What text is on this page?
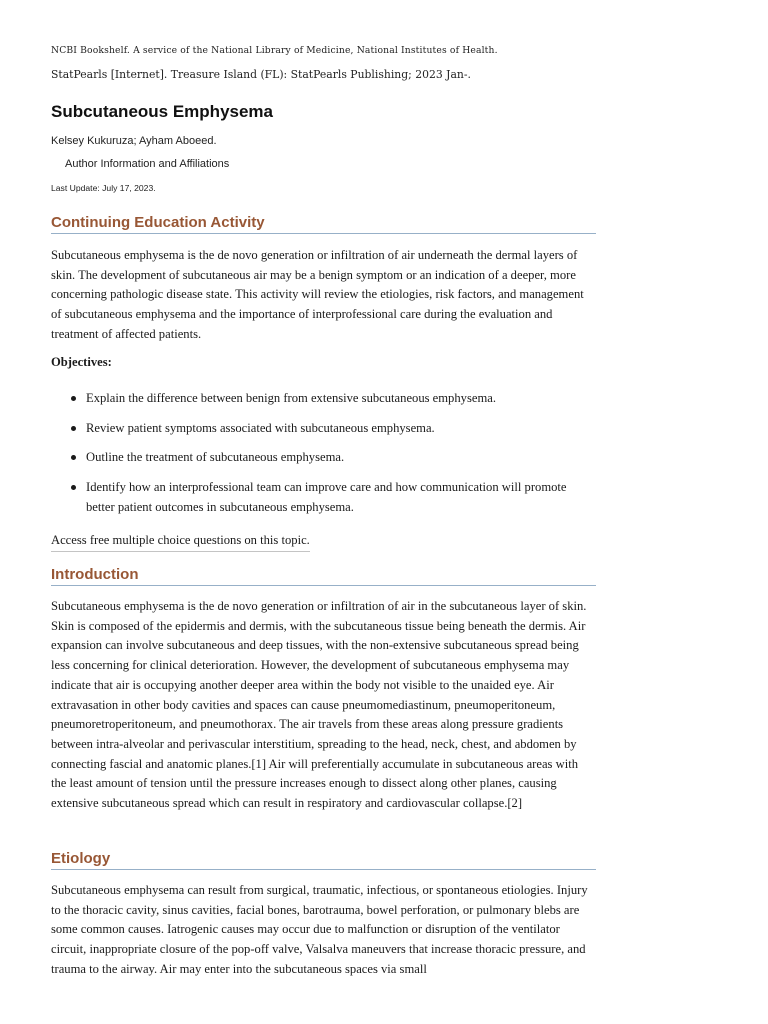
NCBI Bookshelf. A service of the National Library of Medicine, National Institutes of Health.

StatPearls [Internet]. Treasure Island (FL): StatPearls Publishing; 2023 Jan-.

Subcutaneous Emphysema
Kelsey Kukuruza; Ayham Aboeed.
Author Information and Affiliations
Last Update: July 17, 2023.
Continuing Education Activity

Subcutaneous emphysema is the de novo generation or infiltration of air underneath the dermal layers of skin. The development of subcutaneous air may be a benign symptom or an indication of a deeper, more concerning pathologic disease state. This activity will review the etiologies, risk factors, and management of subcutaneous emphysema and the importance of interprofessional care during the evaluation and treatment of affected patients.

Objectives:

Explain the difference between benign from extensive subcutaneous emphysema.
Review patient symptoms associated with subcutaneous emphysema.
Outline the treatment of subcutaneous emphysema.
Identify how an interprofessional team can improve care and how communication will promote better patient outcomes in subcutaneous emphysema.
Access free multiple choice questions on this topic.
Introduction

Subcutaneous emphysema is the de novo generation or infiltration of air in the subcutaneous layer of skin. Skin is composed of the epidermis and dermis, with the subcutaneous tissue being beneath the dermis. Air expansion can involve subcutaneous and deep tissues, with the non-extensive subcutaneous spread being less concerning for clinical deterioration. However, the development of subcutaneous emphysema may indicate that air is occupying another deeper area within the body not visible to the unaided eye. Air extravasation in other body cavities and spaces can cause pneumomediastinum, pneumoperitoneum, pneumoretroperitoneum, and pneumothorax. The air travels from these areas along pressure gradients between intra-alveolar and perivascular interstitium, spreading to the head, neck, chest, and abdomen by connecting fascial and anatomic planes.[1] Air will preferentially accumulate in subcutaneous areas with the least amount of tension until the pressure increases enough to dissect along other planes, causing extensive subcutaneous spread which can result in respiratory and cardiovascular collapse.[2]

Etiology

Subcutaneous emphysema can result from surgical, traumatic, infectious, or spontaneous etiologies. Injury to the thoracic cavity, sinus cavities, facial bones, barotrauma, bowel perforation, or pulmonary blebs are some common causes. Iatrogenic causes may occur due to malfunction or disruption of the ventilator circuit, inappropriate closure of the pop-off valve, Valsalva maneuvers that increase thoracic pressure, and trauma to the airway. Air may enter into the subcutaneous spaces via small
